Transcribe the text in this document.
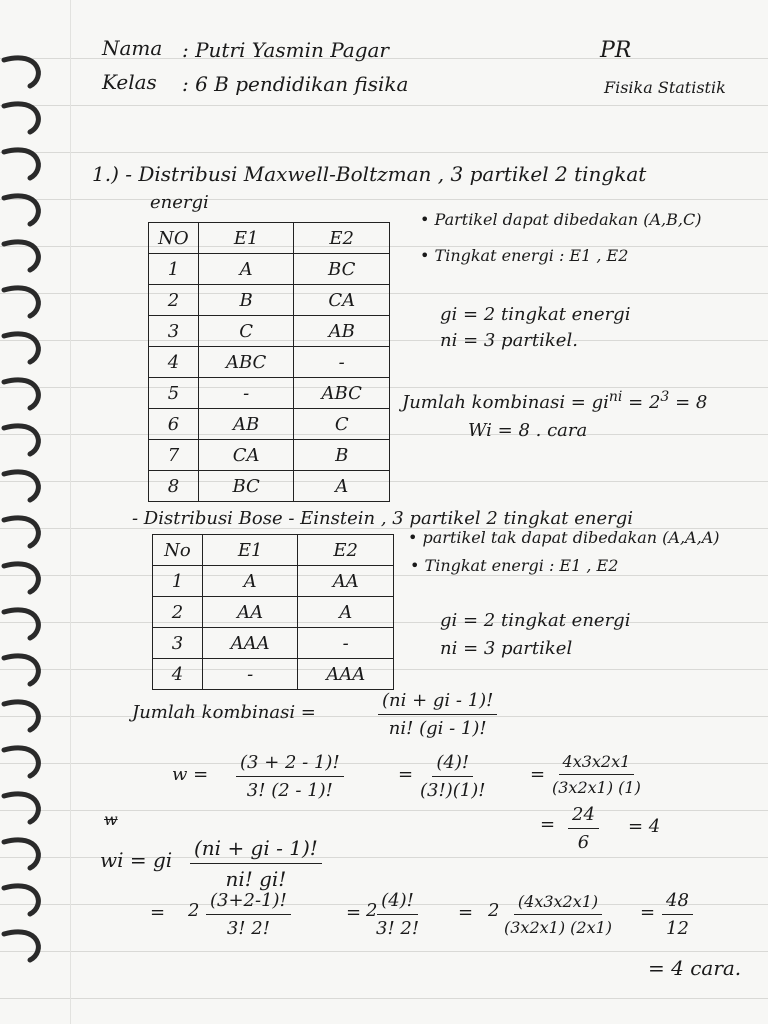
Nama : Putri Yasmin Pagar
Kelas : 6 B pendidikan fisika
PR
Fisika Statistik
1.) - Distribusi Maxwell-Boltzman , 3 partikel 2 tingkat
energi
NO	E1	E2
1	A	BC
2	B	CA
3	C	AB
4	ABC	-
5	-	ABC
6	AB	C
7	CA	B
8	BC	A
• Partikel dapat dibedakan (A,B,C)
• Tingkat energi : E1 , E2
gi = 2 tingkat energi
ni = 3 partikel.
Jumlah kombinasi = $gi^{ni} = 2^3 = 8$
Wi = 8 . cara
- Distribusi Bose - Einstein , 3 partikel 2 tingkat energi
No	E1	E2
1	A	AA
2	AA	A
3	AAA	-
4	-	AAA
• partikel tak dapat dibedakan (A,A,A)
• Tingkat energi : E1 , E2
gi = 2 tingkat energi
ni = 3 partikel
Jumlah kombinasi =	$\frac{(ni + gi - 1)!}{ni! (gi - 1)!}$
$w = \frac{(3 + 2 - 1)!}{3! (2 - 1)!}$	= $\frac{(4)!}{(3!)(1)!} = \frac{4x3x2x1}{(3x2x1) (1)}$
= $\frac{24}{6} = 4$
w
wi = gi $\frac{(ni + gi - 1)!}{ni! gi!}$
= $2 \frac{(3+2-1)!}{3! 2!}$	= 2
$\frac{(4)!}{3! 2!} = 2 \frac{(4x3x2x1)}{(3x2x1) (2x1)} = \frac{48}{12}$
= 4 cara.
